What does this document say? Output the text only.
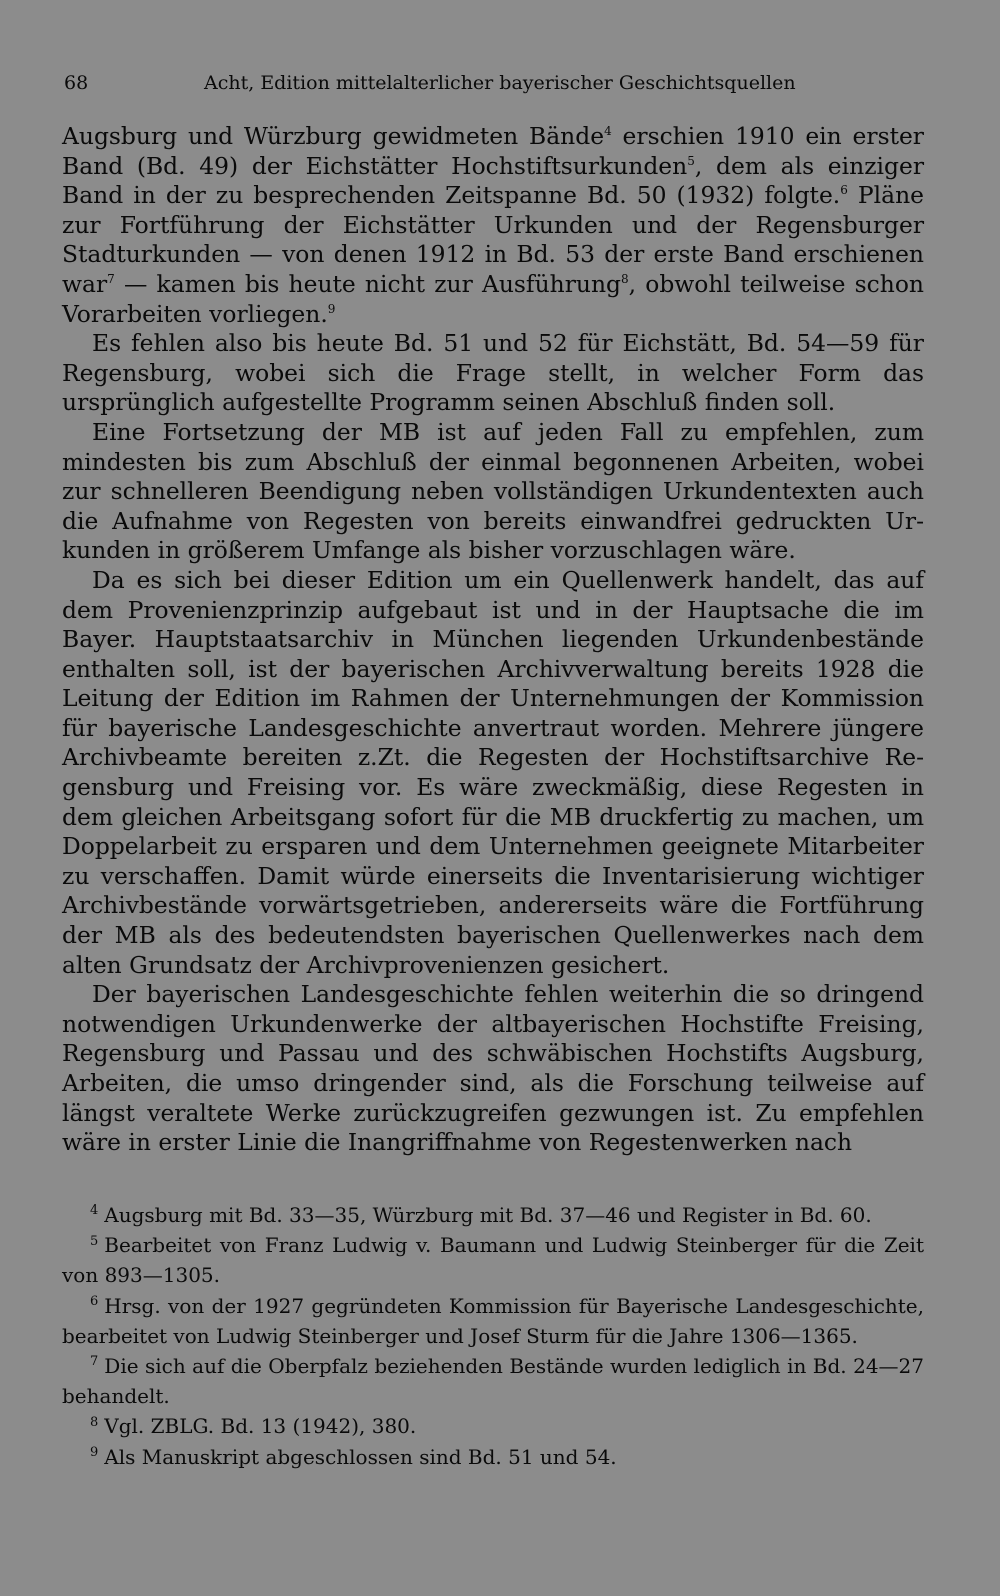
68	Acht, Edition mittelalterlicher bayerischer Geschichtsquellen

Augsburg und Würzburg gewidmeten Bände$^4$ erschien 1910 ein erster Band (Bd. 49) der Eichstätter Hochstiftsurkunden$^5$, dem als einziger Band in der zu besprechenden Zeitspanne Bd. 50 (1932) folgte.$^6$ Pläne zur Fortführung der Eichstätter Urkunden und der Regensburger Stadturkunden — von denen 1912 in Bd. 53 der erste Band erschienen war$^7$ — kamen bis heute nicht zur Ausführung$^8$, obwohl teilweise schon Vorarbeiten vorliegen.$^9$

Es fehlen also bis heute Bd. 51 und 52 für Eichstätt, Bd. 54—59 für Regensburg, wobei sich die Frage stellt, in welcher Form das ursprünglich aufgestellte Programm seinen Abschluß finden soll.

Eine Fortsetzung der MB ist auf jeden Fall zu empfehlen, zum mindesten bis zum Abschluß der einmal begonnenen Arbeiten, wobei zur schnelleren Beendigung neben vollständigen Urkundentexten auch die Aufnahme von Regesten von bereits einwandfrei gedruckten Urkunden in größerem Umfange als bisher vorzuschlagen wäre.

Da es sich bei dieser Edition um ein Quellenwerk handelt, das auf dem Provenienzprinzip aufgebaut ist und in der Hauptsache die im Bayer. Hauptstaatsarchiv in München liegenden Urkundenbestände enthalten soll, ist der bayerischen Archivverwaltung bereits 1928 die Leitung der Edition im Rahmen der Unternehmungen der Kommission für bayerische Landesgeschichte anvertraut worden. Mehrere jüngere Archivbeamte bereiten z.Zt. die Regesten der Hochstiftsarchive Regensburg und Freising vor. Es wäre zweckmäßig, diese Regesten in dem gleichen Arbeitsgang sofort für die MB druckfertig zu machen, um Doppelarbeit zu ersparen und dem Unternehmen geeignete Mitarbeiter zu verschaffen. Damit würde einerseits die Inventarisierung wichtiger Archivbestände vorwärtsgetrieben, andererseits wäre die Fortführung der MB als des bedeutendsten bayerischen Quellenwerkes nach dem alten Grundsatz der Archivprovenienzen gesichert.

Der bayerischen Landesgeschichte fehlen weiterhin die so dringend notwendigen Urkundenwerke der altbayerischen Hochstifte Freising, Regensburg und Passau und des schwäbischen Hochstifts Augsburg, Arbeiten, die umso dringender sind, als die Forschung teilweise auf längst veraltete Werke zurückzugreifen gezwungen ist. Zu empfehlen wäre in erster Linie die Inangriffnahme von Regestenwerken nach

$^4$ Augsburg mit Bd. 33—35, Würzburg mit Bd. 37—46 und Register in Bd. 60.

$^5$ Bearbeitet von Franz Ludwig v. Baumann und Ludwig Steinberger für die Zeit von 893—1305.

$^6$ Hrsg. von der 1927 gegründeten Kommission für Bayerische Landesgeschichte, bearbeitet von Ludwig Steinberger und Josef Sturm für die Jahre 1306—1365.

$^7$ Die sich auf die Oberpfalz beziehenden Bestände wurden lediglich in Bd. 24—27 behandelt.

$^8$ Vgl. ZBLG. Bd. 13 (1942), 380.

$^9$ Als Manuskript abgeschlossen sind Bd. 51 und 54.
